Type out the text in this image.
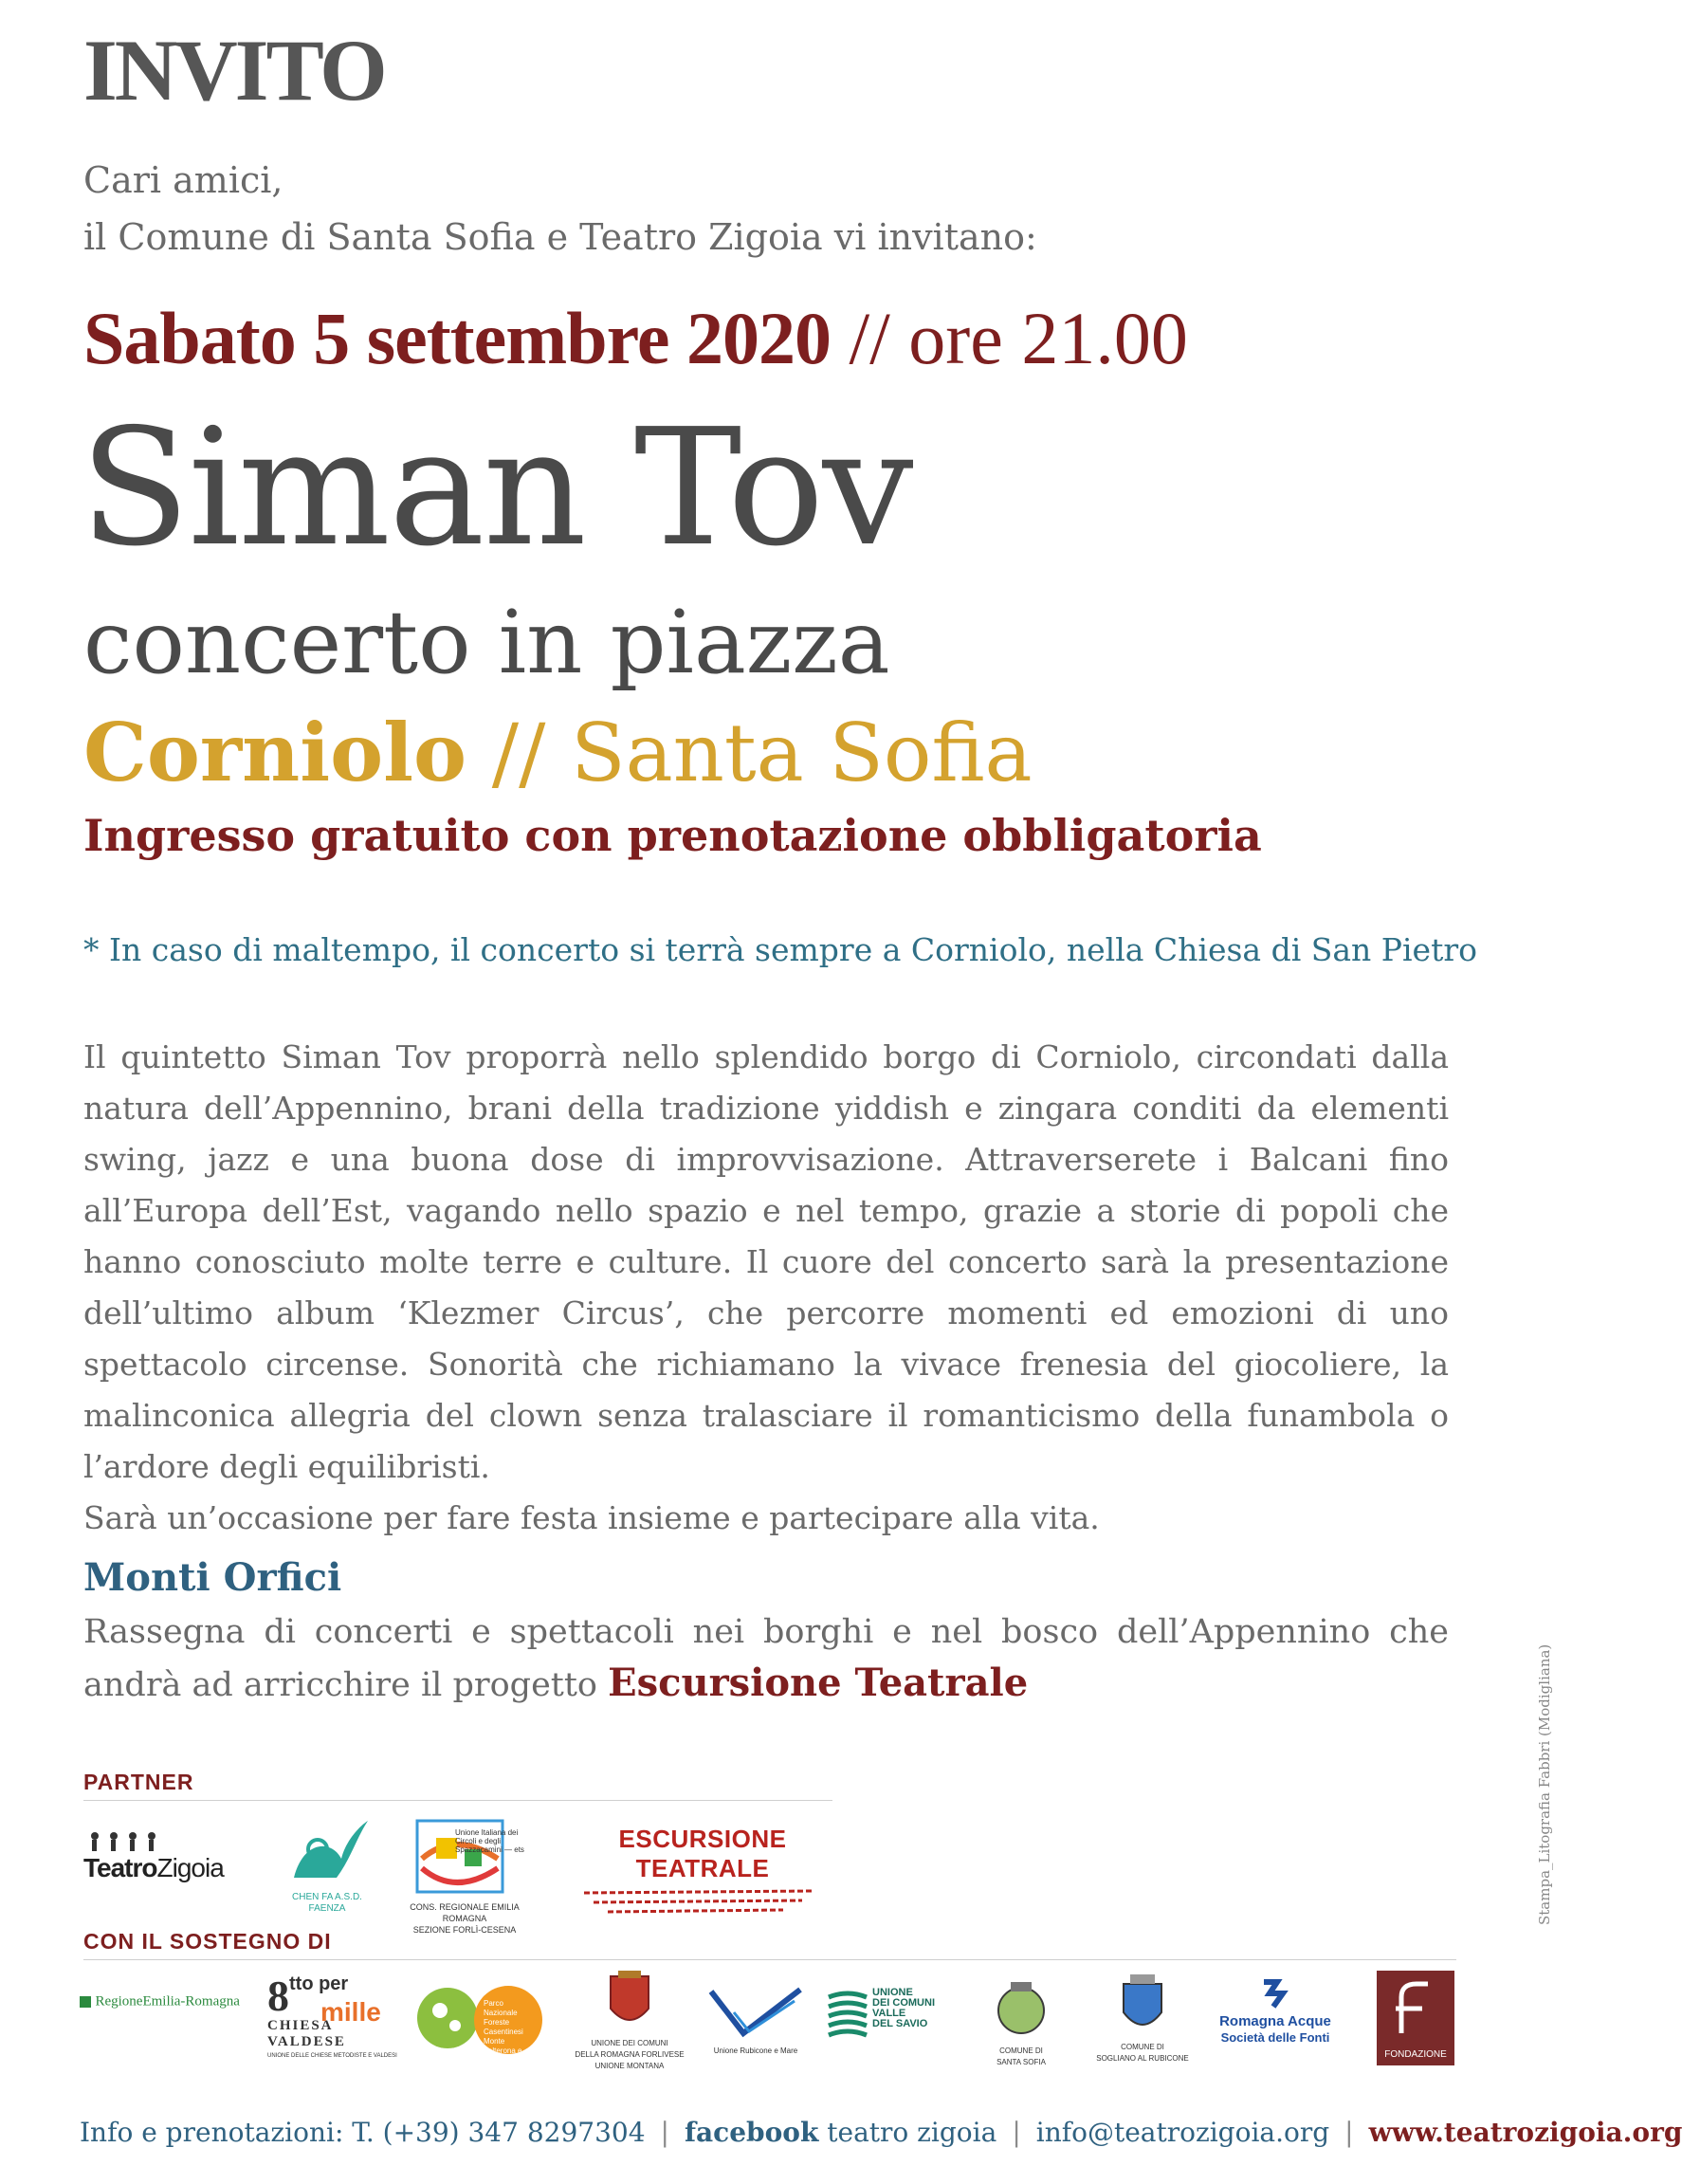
INVITO
Cari amici,
il Comune di Santa Sofia e Teatro Zigoia vi invitano:
Sabato 5 settembre 2020 // ore 21.00
Siman Tov
concerto in piazza
Corniolo // Santa Sofia
Ingresso gratuito con prenotazione obbligatoria
* In caso di maltempo, il concerto si terrà sempre a Corniolo, nella Chiesa di San Pietro

Il quintetto Siman Tov proporrà nello splendido borgo di Corniolo, circondati dalla natura dell’Appennino, brani della tradizione yiddish e zingara conditi da elementi swing, jazz e una buona dose di improvvisazione. Attraverserete i Balcani fino all’Europa dell’Est, vagando nello spazio e nel tempo, grazie a storie di popoli che hanno conosciuto molte terre e culture. Il cuore del concerto sarà la presentazione dell’ultimo album ‘Klezmer Circus’, che percorre momenti ed emozioni di uno spettacolo circense. Sonorità che richiamano la vivace frenesia del giocoliere, la malinconica allegria del clown senza tralasciare il romanticismo della funambola o l’ardore degli equilibristi.

Sarà un’occasione per fare festa insieme e partecipare alla vita.

Monti Orfici
Rassegna di concerti e spettacoli nei borghi e nel bosco dell’Appennino che andrà ad arricchire il progetto Escursione Teatrale
PARTNER
TeatroZigoia
CHEN FA A.S.D.
FAENZA
Unione Italiana dei Circoli e degli Spazzacamini — ets
CONS. REGIONALE EMILIA ROMAGNA
SEZIONE FORLÌ-CESENA
ESCURSIONE TEATRALE
CON IL SOSTEGNO DI
RegioneEmilia-Romagna 8tto per
mille
CHIESA VALDESE
UNIONE DELLE CHIESE METODISTE E VALDESI
Parco Nazionale Foreste Casentinesi Monte Falterona e Campigna
UNIONE DEI COMUNI
DELLA ROMAGNA FORLIVESE
UNIONE MONTANA
Unione Rubicone e Mare
UNIONE
DEI COMUNI
VALLE
DEL SAVIO
COMUNE DI
SANTA SOFIA
COMUNE DI
SOGLIANO AL RUBICONE
Romagna Acque
Società delle Fonti
FONDAZIONE
Info e prenotazioni: T. (+39) 347 8297304 | facebook teatro zigoia | info@teatrozigoia.org | www.teatrozigoia.org
Stampa_Litografia Fabbri (Modigliana)
